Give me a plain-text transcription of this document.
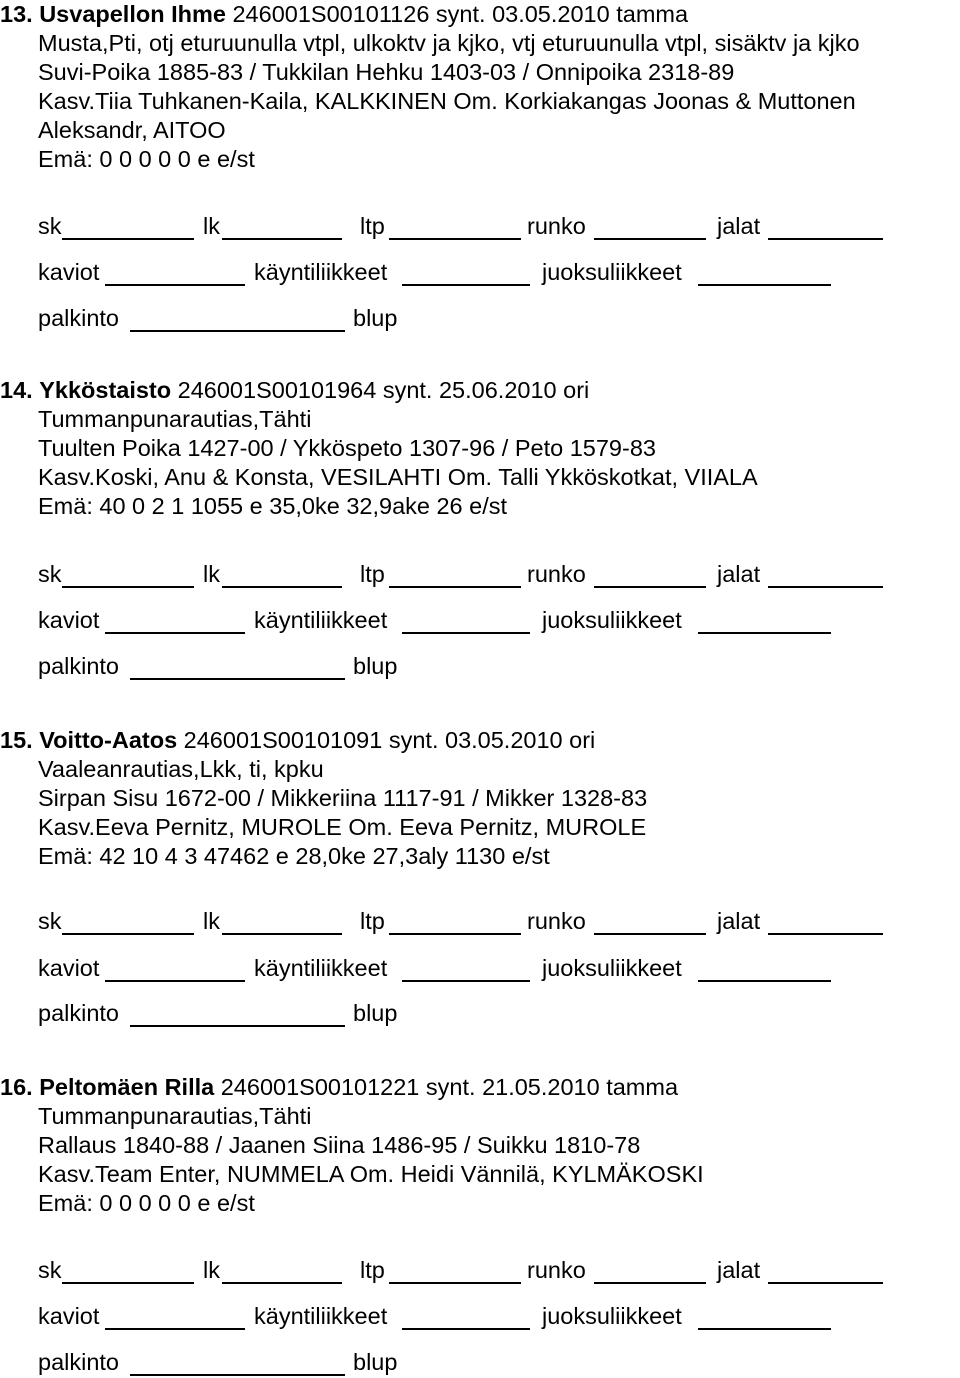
13. Usvapellon Ihme 246001S00101126 synt. 03.05.2010 tamma
Musta,Pti, otj eturuunulla vtpl, ulkoktv ja kjko, vtj eturuunulla vtpl, sisäktv ja kjko
Suvi-Poika 1885-83 / Tukkilan Hehku 1403-03 / Onnipoika 2318-89
Kasv.Tiia Tuhkanen-Kaila, KALKKINEN Om. Korkiakangas Joonas & Muttonen
Aleksandr, AITOO
Emä: 0 0 0 0 0 e e/st
14. Ykköstaisto 246001S00101964 synt. 25.06.2010 ori
Tummanpunarautias,Tähti
Tuulten Poika 1427-00 / Ykköspeto 1307-96 / Peto 1579-83
Kasv.Koski, Anu & Konsta, VESILAHTI Om. Talli Ykköskotkat, VIIALA
Emä: 40 0 2 1 1055 e 35,0ke 32,9ake 26 e/st
15. Voitto-Aatos 246001S00101091 synt. 03.05.2010 ori
Vaaleanrautias,Lkk, ti, kpku
Sirpan Sisu 1672-00 / Mikkeriina 1117-91 / Mikker 1328-83
Kasv.Eeva Pernitz, MUROLE Om. Eeva Pernitz, MUROLE
Emä: 42 10 4 3 47462 e 28,0ke 27,3aly 1130 e/st
16. Peltomäen Rilla 246001S00101221 synt. 21.05.2010 tamma
Tummanpunarautias,Tähti
Rallaus 1840-88 / Jaanen Siina 1486-95 / Suikku 1810-78
Kasv.Team Enter, NUMMELA Om. Heidi Vännilä, KYLMÄKOSKI
Emä: 0 0 0 0 0 e e/st
sk	lk	ltp	runko	jalat
kaviot	käyntiliikkeet	juoksuliikkeet
palkinto	blup
sk	lk	ltp	runko	jalat
kaviot	käyntiliikkeet	juoksuliikkeet
palkinto	blup
sk	lk	ltp	runko	jalat
kaviot	käyntiliikkeet	juoksuliikkeet
palkinto	blup
sk	lk	ltp	runko	jalat
kaviot	käyntiliikkeet	juoksuliikkeet
palkinto	blup
